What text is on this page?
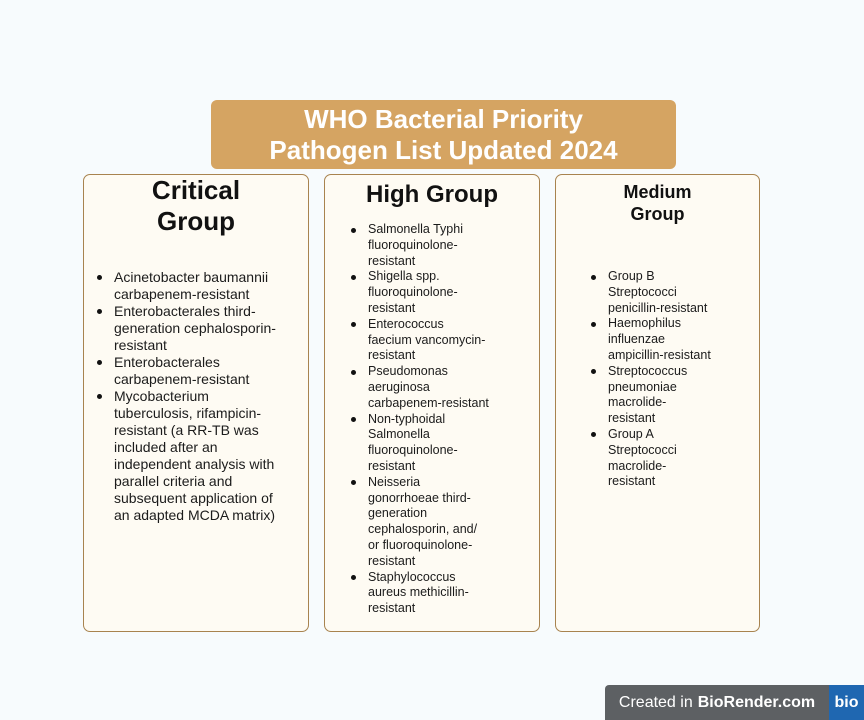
WHO Bacterial Priority
Pathogen List Updated 2024
Critical
Group
Acinetobacter baumannii
carbapenem-resistant
Enterobacterales third-
generation cephalosporin-
resistant
Enterobacterales
carbapenem-resistant
Mycobacterium
tuberculosis, rifampicin-
resistant (a RR-TB was
included after an
independent analysis with
parallel criteria and
subsequent application of
an adapted MCDA matrix)
High Group
Salmonella Typhi
fluoroquinolone-
resistant
Shigella spp.
fluoroquinolone-
resistant
Enterococcus
faecium vancomycin-
resistant
Pseudomonas
aeruginosa
carbapenem-resistant
Non-typhoidal
Salmonella
fluoroquinolone-
resistant
Neisseria
gonorrhoeae third-
generation
cephalosporin, and/
or fluoroquinolone-
resistant
Staphylococcus
aureus methicillin-
resistant
Medium
Group
Group B
Streptococci
penicillin-resistant
Haemophilus
influenzae
ampicillin-resistant
Streptococcus
pneumoniae
macrolide-
resistant
Group A
Streptococci
macrolide-
resistant
Created in BioRender.com	bio
